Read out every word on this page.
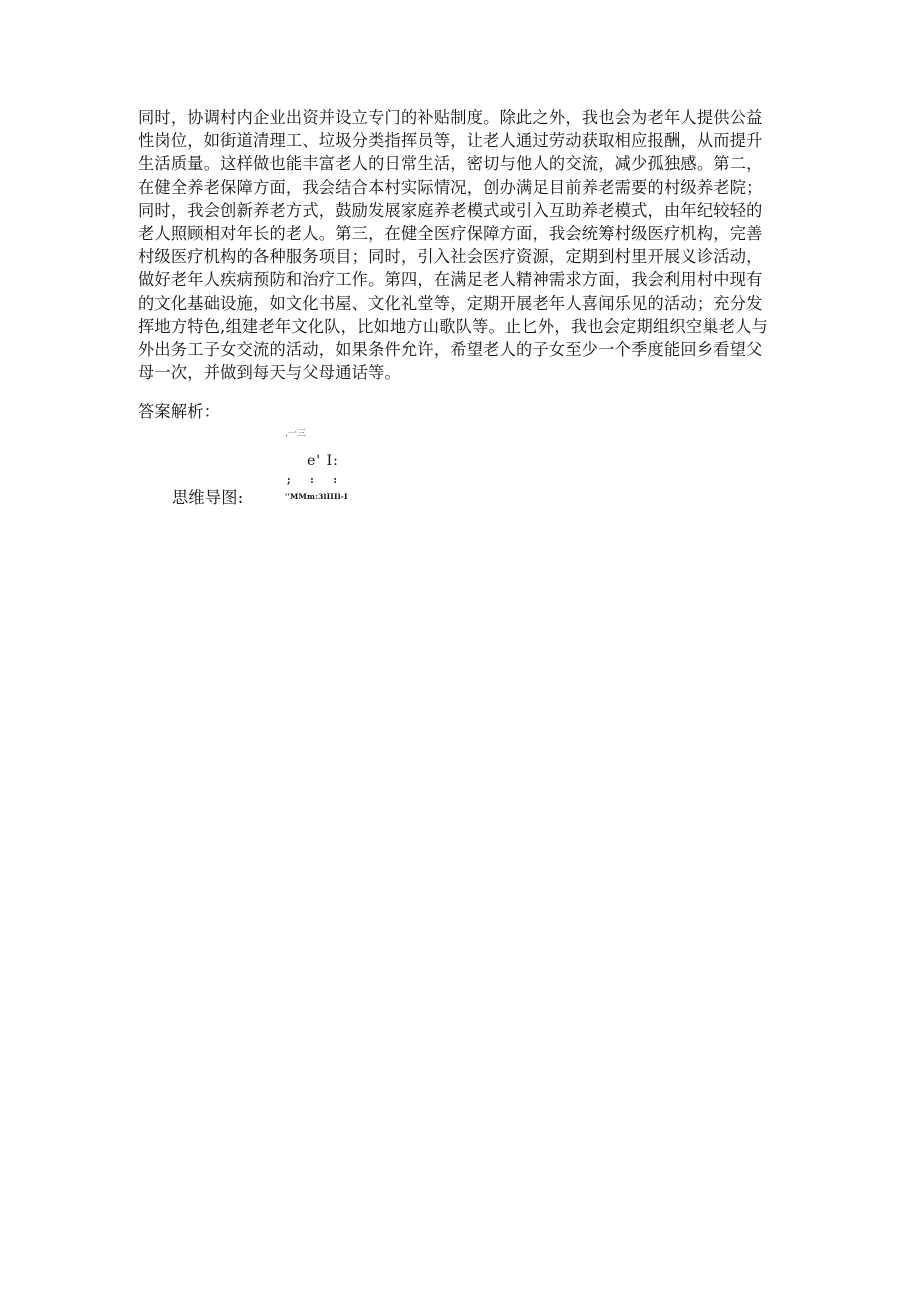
同时，协调村内企业出资并设立专门的补贴制度。除此之外，我也会为老年人提供公益
性岗位，如街道清理工、垃圾分类指挥员等，让老人通过劳动获取相应报酬，从而提升
生活质量。这样做也能丰富老人的日常生活，密切与他人的交流，减少孤独感。第二，
在健全养老保障方面，我会结合本村实际情况，创办满足目前养老需要的村级养老院；
同时，我会创新养老方式，鼓励发展家庭养老模式或引入互助养老模式，由年纪较轻的
老人照顾相对年长的老人。第三，在健全医疗保障方面，我会统筹村级医疗机构，完善
村级医疗机构的各种服务项目；同时，引入社会医疗资源，定期到村里开展义诊活动，
做好老年人疾病预防和治疗工作。第四，在满足老人精神需求方面，我会利用村中现有
的文化基础设施，如文化书屋、文化礼堂等，定期开展老年人喜闻乐见的活动；充分发
挥地方特色,组建老年文化队，比如地方山歌队等。止匕外，我也会定期组织空巢老人与
外出务工子女交流的活动，如果条件允许，希望老人的子女至少一个季度能回乡看望父
母一次，并做到每天与父母通话等。

答案解析：

.一三
e' I:
; : :
''MMm:3lIIIl-I

思维导图:
